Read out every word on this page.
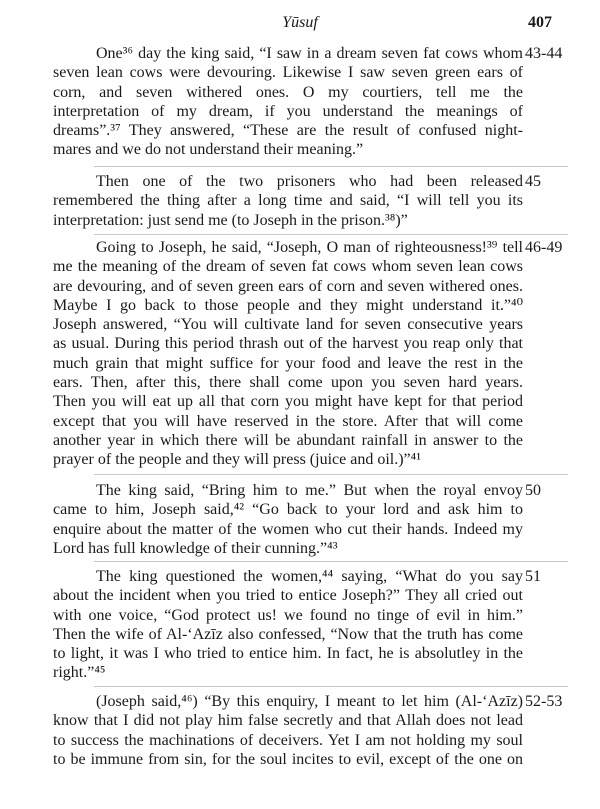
Yūsuf	407
One³⁶ day the king said, “I saw in a dream seven fat cows whom
seven lean cows were devouring. Likewise I saw seven green ears of
corn, and seven withered ones. O my courtiers, tell me the
interpretation of my dream, if you understand the meanings of
dreams”.³⁷ They answered, “These are the result of confused night-
mares and we do not understand their meaning.”
43-44
Then one of the two prisoners who had been released
remembered the thing after a long time and said, “I will tell you its
interpretation: just send me (to Joseph in the prison.³⁸)”
45
Going to Joseph, he said, “Joseph, O man of righteousness!³⁹ tell
me the meaning of the dream of seven fat cows whom seven lean cows
are devouring, and of seven green ears of corn and seven withered ones.
Maybe I go back to those people and they might understand it.”⁴⁰
Joseph answered, “You will cultivate land for seven consecutive years
as usual. During this period thrash out of the harvest you reap only that
much grain that might suffice for your food and leave the rest in the
ears. Then, after this, there shall come upon you seven hard years.
Then you will eat up all that corn you might have kept for that period
except that you will have reserved in the store. After that will come
another year in which there will be abundant rainfall in answer to the
prayer of the people and they will press (juice and oil.)”⁴¹
46-49
The king said, “Bring him to me.” But when the royal envoy
came to him, Joseph said,⁴² “Go back to your lord and ask him to
enquire about the matter of the women who cut their hands. Indeed my
Lord has full knowledge of their cunning.”⁴³
50
The king questioned the women,⁴⁴ saying, “What do you say
about the incident when you tried to entice Joseph?” They all cried out
with one voice, “God protect us! we found no tinge of evil in him.”
Then the wife of Al-‘Azīz also confessed, “Now that the truth has come
to light, it was I who tried to entice him. In fact, he is absolutley in the
right.”⁴⁵
51
(Joseph said,⁴⁶) “By this enquiry, I meant to let him (Al-‘Azīz)
know that I did not play him false secretly and that Allah does not lead
to success the machinations of deceivers. Yet I am not holding my soul
to be immune from sin, for the soul incites to evil, except of the one on
52-53
